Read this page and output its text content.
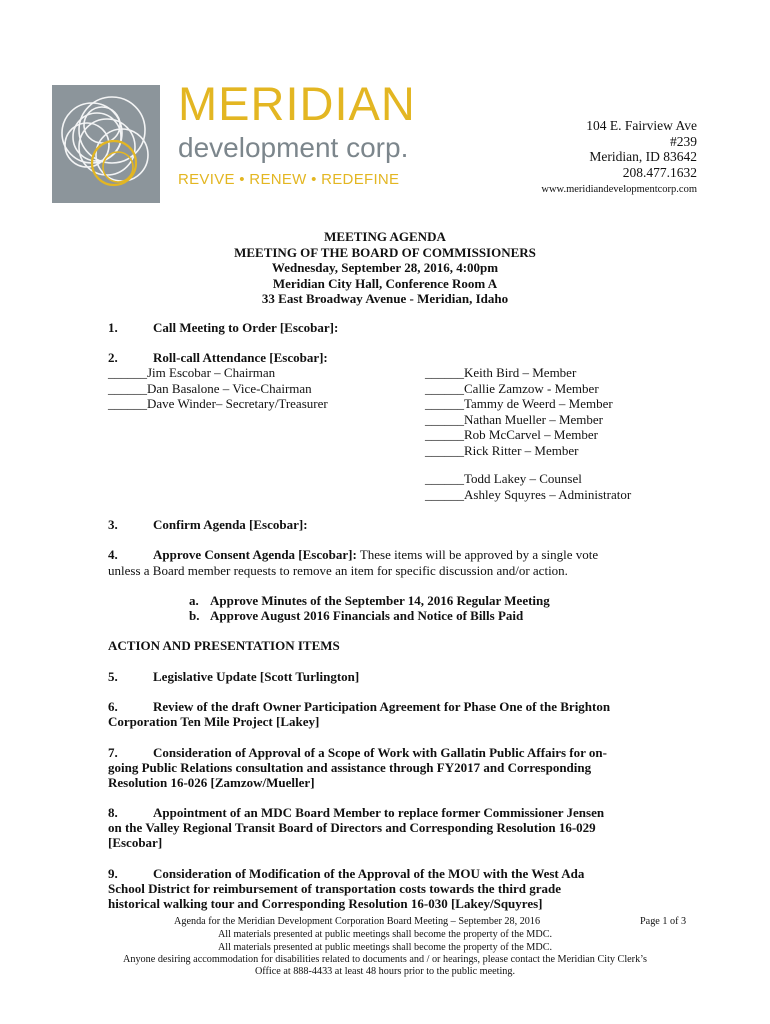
MERIDIAN
development corp.
REVIVE • RENEW • REDEFINE
104 E. Fairview Ave
#239
Meridian, ID 83642
208.477.1632
www.meridiandevelopmentcorp.com
MEETING AGENDA
MEETING OF THE BOARD OF COMMISSIONERS
Wednesday, September 28, 2016, 4:00pm
Meridian City Hall, Conference Room A
33 East Broadway Avenue - Meridian, Idaho
1.	Call Meeting to Order [Escobar]:
2.	Roll-call Attendance [Escobar]:
______Jim Escobar – Chairman
______Dan Basalone – Vice-Chairman
______Dave Winder– Secretary/Treasurer
______Keith Bird – Member
______Callie Zamzow - Member
______Tammy de Weerd – Member
______Nathan Mueller – Member
______Rob McCarvel – Member
______Rick Ritter – Member
______Todd Lakey – Counsel
______Ashley Squyres – Administrator
3.	Confirm Agenda [Escobar]:
4.	Approve Consent Agenda [Escobar]: These items will be approved by a single vote
unless a Board member requests to remove an item for specific discussion and/or action.
a. Approve Minutes of the September 14, 2016 Regular Meeting
b. Approve August 2016 Financials and Notice of Bills Paid
ACTION AND PRESENTATION ITEMS
5.	Legislative Update [Scott Turlington]
6.	Review of the draft Owner Participation Agreement for Phase One of the Brighton
Corporation Ten Mile Project [Lakey]
7.	Consideration of Approval of a Scope of Work with Gallatin Public Affairs for on-
going Public Relations consultation and assistance through FY2017 and Corresponding
Resolution 16-026 [Zamzow/Mueller]
8.	Appointment of an MDC Board Member to replace former Commissioner Jensen
on the Valley Regional Transit Board of Directors and Corresponding Resolution 16-029
[Escobar]
9.	Consideration of Modification of the Approval of the MOU with the West Ada
School District for reimbursement of transportation costs towards the third grade
historical walking tour and Corresponding Resolution 16-030 [Lakey/Squyres]
Agenda for the Meridian Development Corporation Board Meeting – September 28, 2016	Page 1 of 3
All materials presented at public meetings shall become the property of the MDC.
All materials presented at public meetings shall become the property of the MDC.
Anyone desiring accommodation for disabilities related to documents and / or hearings, please contact the Meridian City Clerk’s
Office at 888-4433 at least 48 hours prior to the public meeting.
